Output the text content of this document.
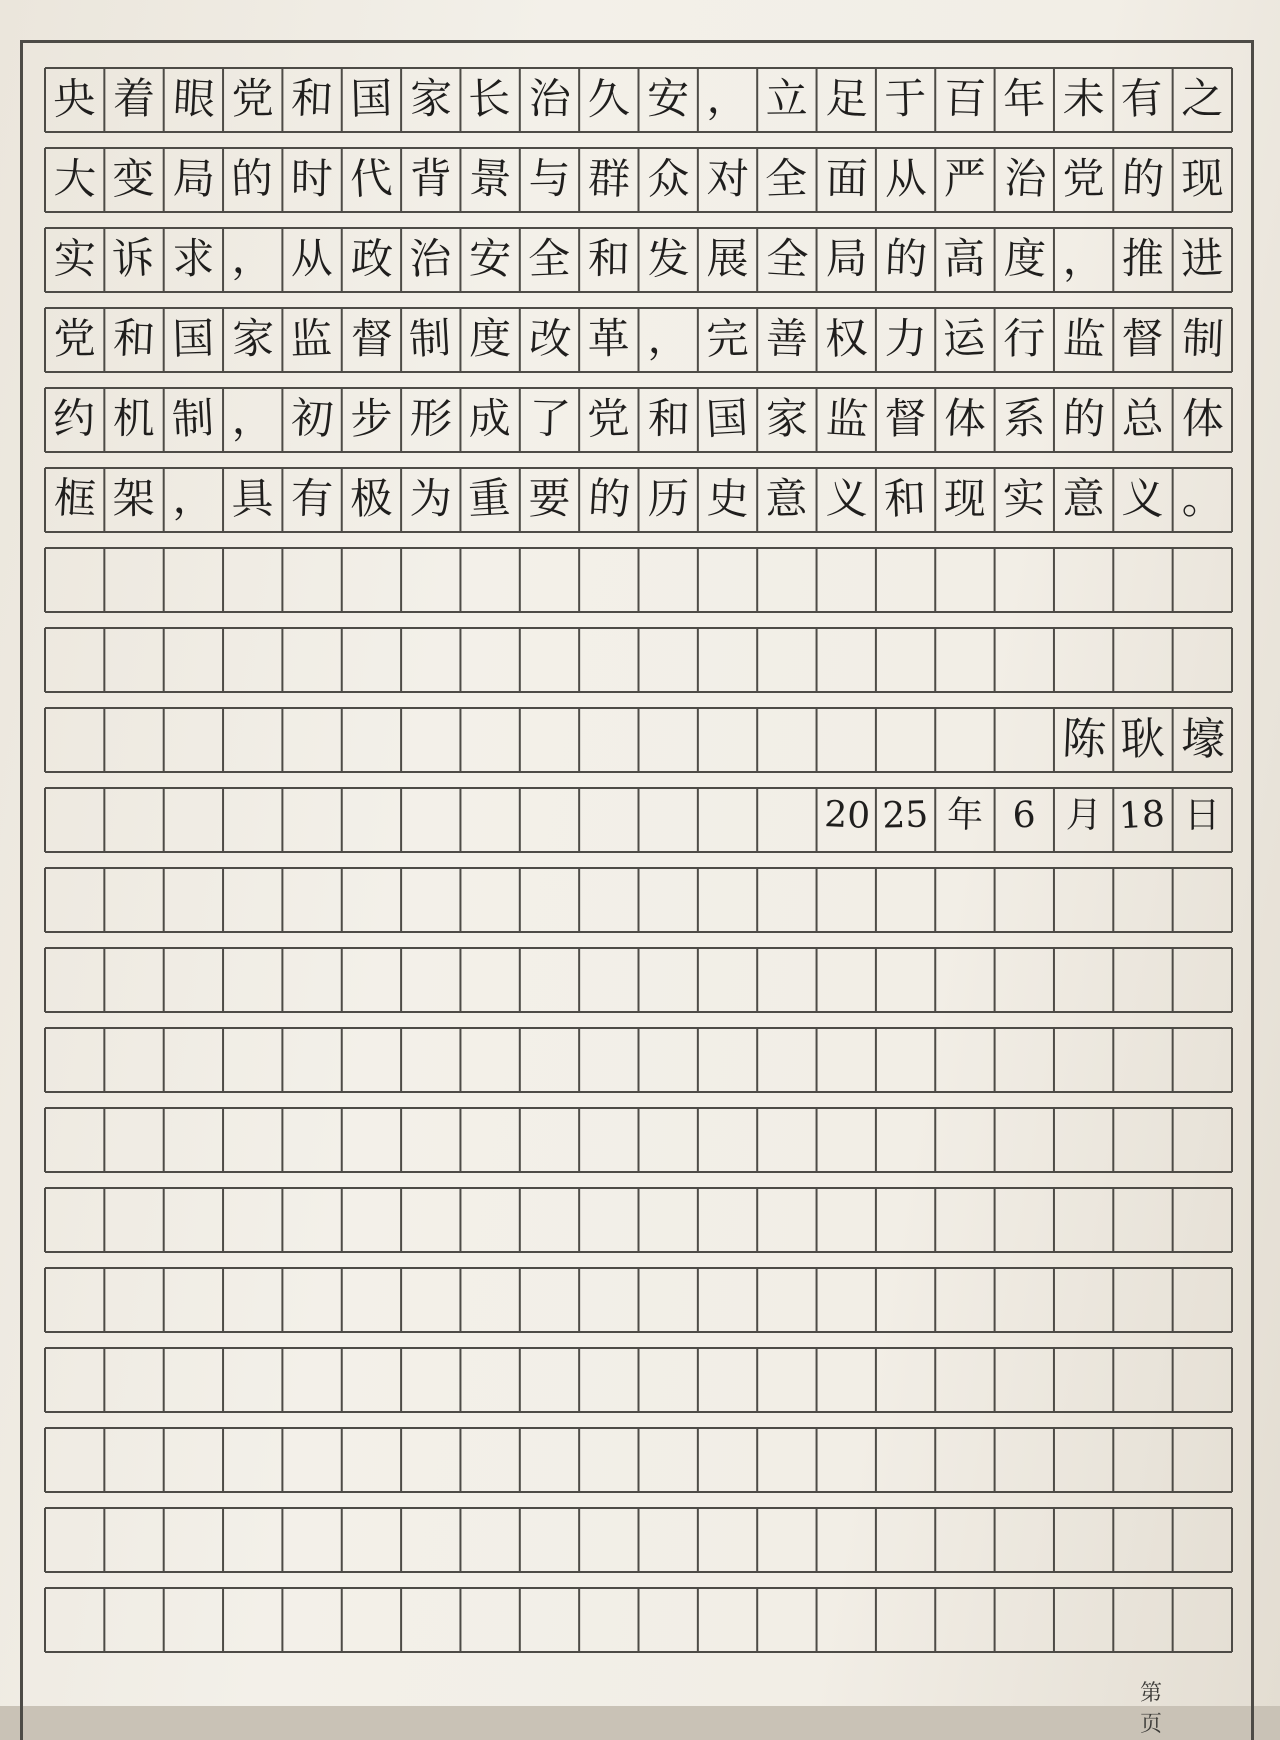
央 着 眼 党 和 国 家 长 治 久 安 ， 立 足 于 百 年 未 有 之
大 变 局 的 时 代 背 景 与 群 众 对 全 面 从 严 治 党 的 现
实 诉 求 ， 从 政 治 安 全 和 发 展 全 局 的 高 度 ， 推 进
党 和 国 家 监 督 制 度 改 革 ， 完 善 权 力 运 行 监 督 制
约 机 制 ， 初 步 形 成 了 党 和 国 家 监 督 体 系 的 总 体
框 架 ， 具 有 极 为 重 要 的 历 史 意 义 和 现 实 意 义 。
陈 耿 壕
20 25 年 6 月 18 日
第页
